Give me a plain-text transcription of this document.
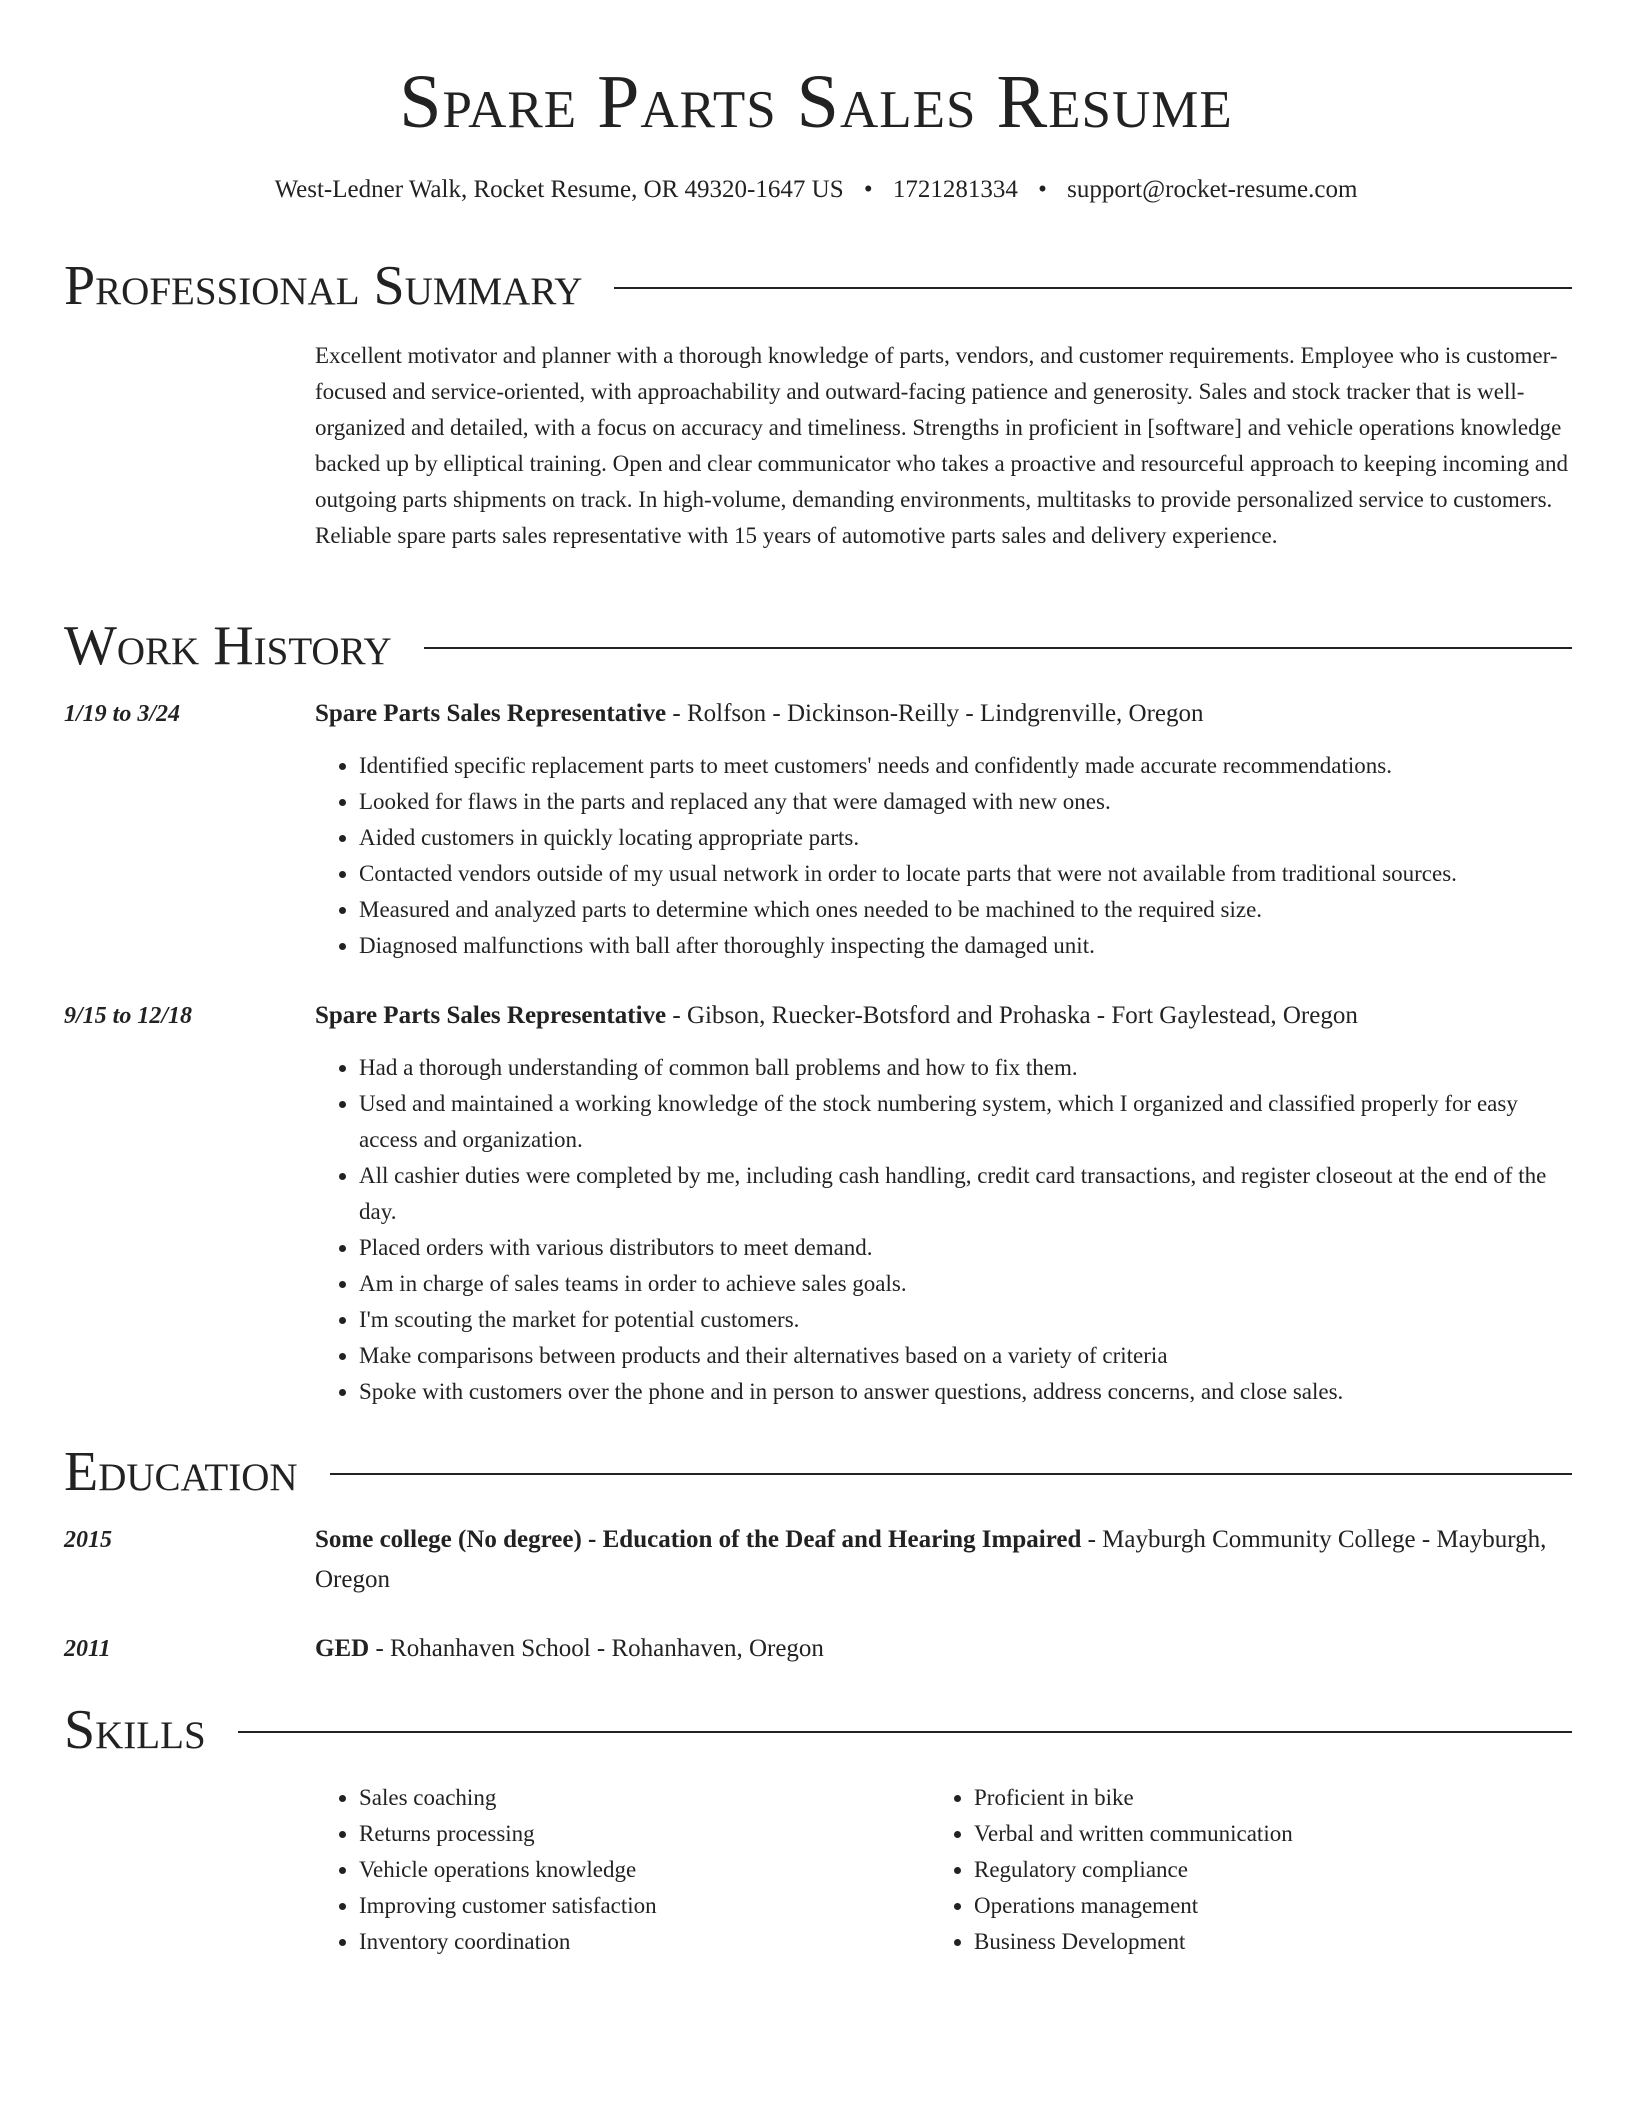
Spare Parts Sales Resume
West-Ledner Walk, Rocket Resume, OR 49320-1647 US • 1721281334 • support@rocket-resume.com
Professional Summary

Excellent motivator and planner with a thorough knowledge of parts, vendors, and customer requirements. Employee who is customer-focused and service-oriented, with approachability and outward-facing patience and generosity. Sales and stock tracker that is well-organized and detailed, with a focus on accuracy and timeliness. Strengths in proficient in [software] and vehicle operations knowledge backed up by elliptical training. Open and clear communicator who takes a proactive and resourceful approach to keeping incoming and outgoing parts shipments on track. In high-volume, demanding environments, multitasks to provide personalized service to customers. Reliable spare parts sales representative with 15 years of automotive parts sales and delivery experience.

Work History
1/19 to 3/24	Spare Parts Sales Representative - Rolfson - Dickinson-Reilly - Lindgrenville, Oregon
• Identified specific replacement parts to meet customers' needs and confidently made accurate recommendations.
• Looked for flaws in the parts and replaced any that were damaged with new ones.
• Aided customers in quickly locating appropriate parts.
• Contacted vendors outside of my usual network in order to locate parts that were not available from traditional sources.
• Measured and analyzed parts to determine which ones needed to be machined to the required size.
• Diagnosed malfunctions with ball after thoroughly inspecting the damaged unit.
9/15 to 12/18	Spare Parts Sales Representative - Gibson, Ruecker-Botsford and Prohaska - Fort Gaylestead, Oregon
• Had a thorough understanding of common ball problems and how to fix them.
• Used and maintained a working knowledge of the stock numbering system, which I organized and classified properly for easy access and organization.
• All cashier duties were completed by me, including cash handling, credit card transactions, and register closeout at the end of the day.
• Placed orders with various distributors to meet demand.
• Am in charge of sales teams in order to achieve sales goals.
• I'm scouting the market for potential customers.
• Make comparisons between products and their alternatives based on a variety of criteria
• Spoke with customers over the phone and in person to answer questions, address concerns, and close sales.
Education
2015	Some college (No degree) - Education of the Deaf and Hearing Impaired - Mayburgh Community College - Mayburgh, Oregon
2011	GED - Rohanhaven School - Rohanhaven, Oregon
Skills
• Sales coaching
• Returns processing
• Vehicle operations knowledge
• Improving customer satisfaction
• Inventory coordination
• Proficient in bike
• Verbal and written communication
• Regulatory compliance
• Operations management
• Business Development
